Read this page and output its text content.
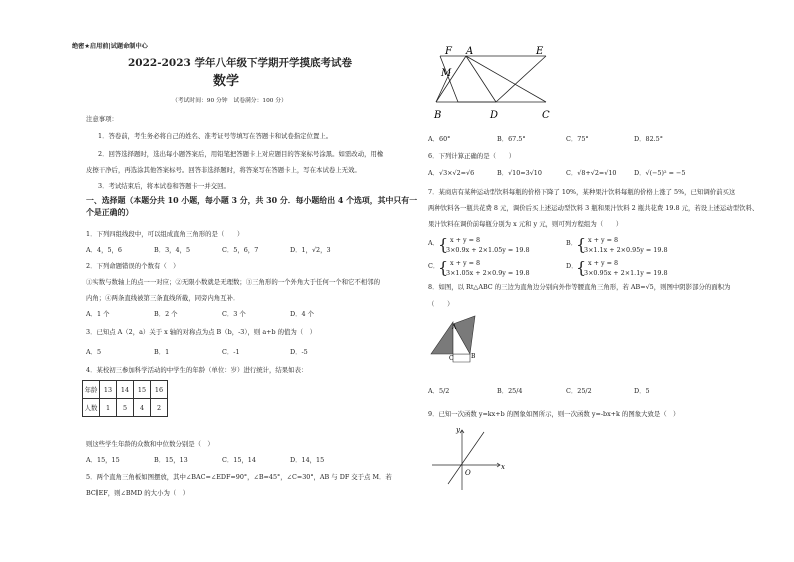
绝密★启用前|试题命制中心
2022-2023 学年八年级下学期开学摸底考试卷
数学
（考试时间：90 分钟　试卷满分：100 分）
注意事项：
1．答卷前，考生务必将自己的姓名、准考证号等填写在答题卡和试卷指定位置上。
2．回答选择题时，选出每小题答案后，用铅笔把答题卡上对应题目的答案标号涂黑。如需改动，用橡
皮擦干净后，再选涂其他答案标号。回答非选择题时，将答案写在答题卡上，写在本试卷上无效。
3．考试结束后，将本试卷和答题卡一并交回。
一、选择题（本题分共 10 小题，每小题 3 分，共 30 分．每小题给出 4 个选项，其中只有一
个是正确的）
1．下列四组线段中，可以组成直角三角形的是（　　）
A．4，5，6	B．3，4，5	C．5，6，7	D．1，√2，3
2．下列命题错误的个数有（　）
①实数与数轴上的点一一对应；②无限小数就是无理数；③三角形的一个外角大于任何一个和它不相邻的
内角；④两条直线被第三条直线所截，同旁内角互补．
A．1 个	B．2 个	C．3 个	D．4 个
3．已知点 A（2，a）关于 x 轴的对称点为点 B（b，-3），则 a+b 的值为（　）
A．5	B．1	C．-1	D．-5
4．某校初三参加科学活动的中学生的年龄（单位：岁）进行统计，结果如表：
年龄	13	14	15	16
人数	1	5	4	2
则这些学生年龄的众数和中位数分别是（　）
A．15，15	B．15，13	C．15，14	D．14，15
5．两个直角三角板如图摆放，其中∠BAC=∠EDF=90°，∠B=45°，∠C=30°，AB 与 DF 交于点 M．若
BC∥EF，则∠BMD 的大小为（　）
F A	E
M
B	D	C
A．60°	B．67.5°	C．75°	D．82.5°
6．下列计算正确的是（　　）
A．√3×√2=√6	B．√10=3√10	C．√8+√2=√10	D．√(−5)² = −5
7．某商店有某种运动型饮料每瓶的价格下降了 10%，某种果汁饮料每瓶的价格上涨了 5%，已知调价前买这
两种饮料各一瓶共花费 8 元，调价后买上述运动型饮料 3 瓶和果汁饮料 2 瓶共花费 19.8 元，若设上述运动型饮料、
果汁饮料在调价前每瓶分别为 x 元和 y 元，则可列方程组为（　　）
A．
{ x + y = 8
3×0.9x + 2×1.05y = 19.8
B．
{ x + y = 8
3×1.1x + 2×0.95y = 19.8
C．
{ x + y = 8
3×1.05x + 2×0.9y = 19.8
D．
{ x + y = 8
3×0.95x + 2×1.1y = 19.8
8．如图，以 Rt△ABC 的三边为直角边分别向外作等腰直角三角形，若 AB=√5，则图中阴影部分的面积为
（　　）
A
C	B
A．5/2	B．25/4	C．25/2	D．5
9．已知一次函数 y=kx+b 的图象如图所示，则一次函数 y=-bx+k 的图象大致是（　）
y
x
O
